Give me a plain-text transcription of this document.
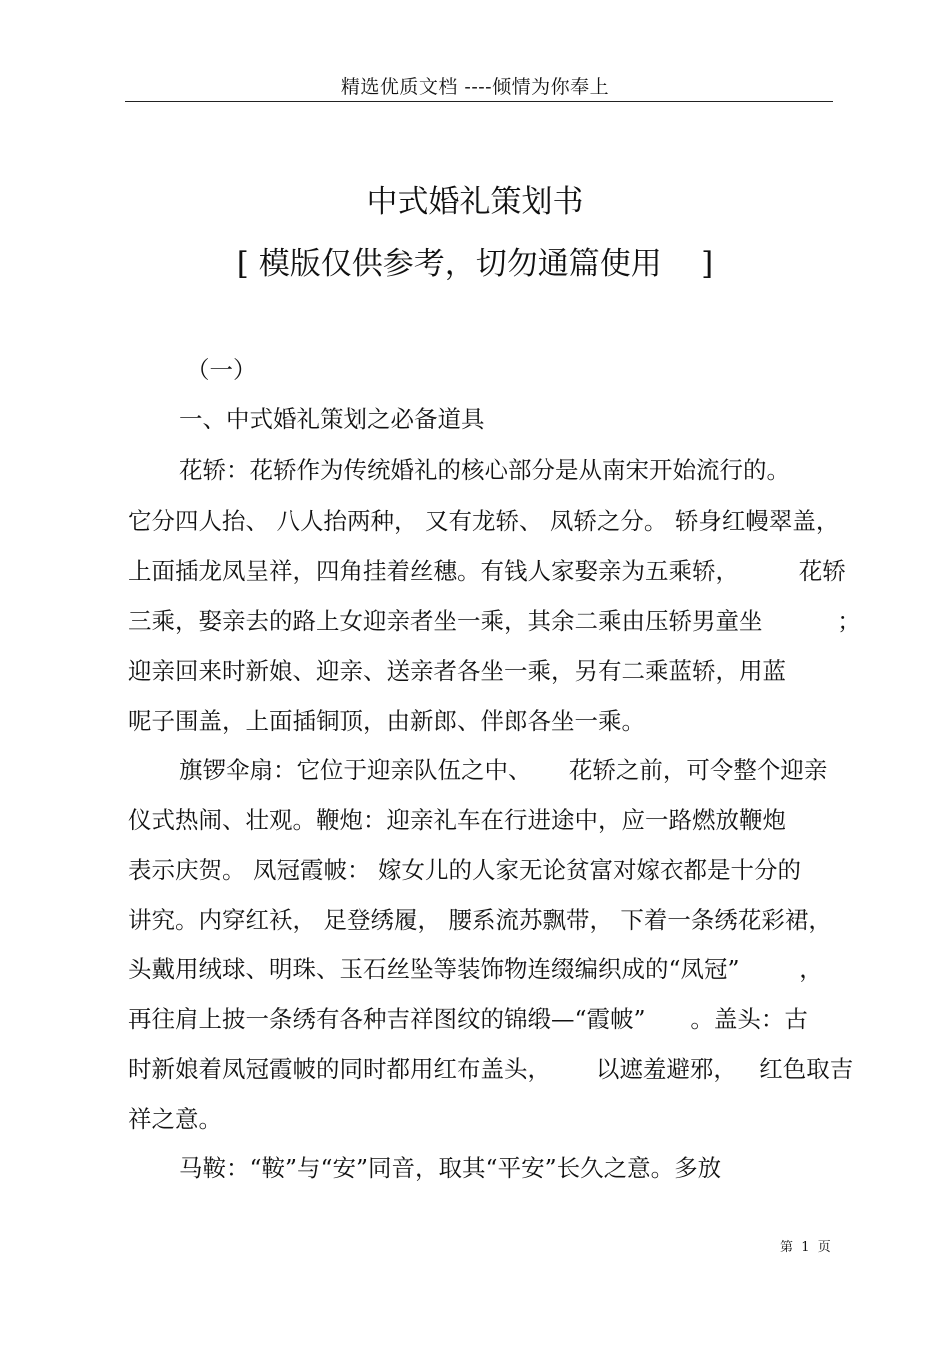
精选优质文档 ----倾情为你奉上
中式婚礼策划书
[ 模版仅供参考，切勿通篇使用    ]
（一）
一、中式婚礼策划之必备道具
花轿：花轿作为传统婚礼的核心部分是从南宋开始流行的。
它分四人抬、 八人抬两种， 又有龙轿、 凤轿之分。 轿身红幔翠盖，
上面插龙凤呈祥，四角挂着丝穗。有钱人家娶亲为五乘轿，        花轿
三乘，娶亲去的路上女迎亲者坐一乘，其余二乘由压轿男童坐          ；
迎亲回来时新娘、迎亲、送亲者各坐一乘，另有二乘蓝轿，用蓝
呢子围盖，上面插铜顶，由新郎、伴郎各坐一乘。
旗锣伞扇：它位于迎亲队伍之中、     花轿之前，可令整个迎亲
仪式热闹、壮观。鞭炮：迎亲礼车在行进途中，应一路燃放鞭炮
表示庆贺。 凤冠霞帔： 嫁女儿的人家无论贫富对嫁衣都是十分的
讲究。内穿红袄， 足登绣履， 腰系流苏飘带， 下着一条绣花彩裙，
头戴用绒球、明珠、玉石丝坠等装饰物连缀编织成的“凤冠”        ，
再往肩上披一条绣有各种吉祥图纹的锦缎—“霞帔”      。盖头：古
时新娘着凤冠霞帔的同时都用红布盖头，      以遮羞避邪，   红色取吉
祥之意。
马鞍：“鞍”与“安”同音，取其“平安”长久之意。多放
第  1  页
